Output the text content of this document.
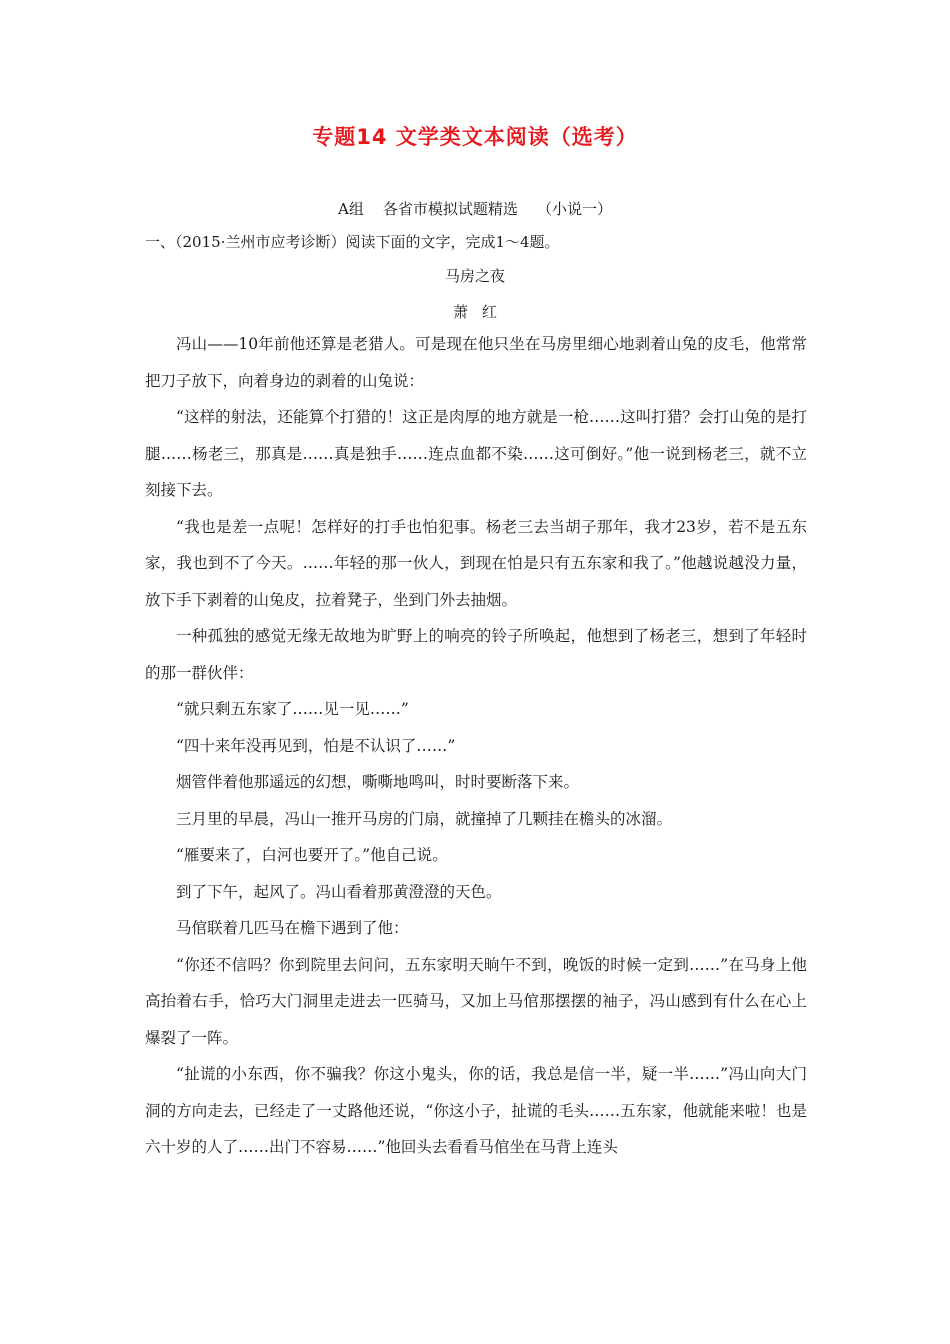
专题14 文学类文本阅读（选考）
A组    各省市模拟试题精选    （小说一）
一、（2015·兰州市应考诊断）阅读下面的文字，完成1～4题。
马房之夜
萧红

冯山——10年前他还算是老猎人。可是现在他只坐在马房里细心地剥着山兔的皮毛，他常常把刀子放下，向着身边的剥着的山兔说：

“这样的射法，还能算个打猎的！这正是肉厚的地方就是一枪……这叫打猎？会打山兔的是打腿……杨老三，那真是……真是独手……连点血都不染……这可倒好。”他一说到杨老三，就不立刻接下去。

“我也是差一点呢！怎样好的打手也怕犯事。杨老三去当胡子那年，我才23岁，若不是五东家，我也到不了今天。……年轻的那一伙人，到现在怕是只有五东家和我了。”他越说越没力量，放下手下剥着的山兔皮，拉着凳子，坐到门外去抽烟。

一种孤独的感觉无缘无故地为旷野上的响亮的铃子所唤起，他想到了杨老三，想到了年轻时的那一群伙伴：

“就只剩五东家了……见一见……”

“四十来年没再见到，怕是不认识了……”

烟管伴着他那遥远的幻想，嘶嘶地鸣叫，时时要断落下来。

三月里的早晨，冯山一推开马房的门扇，就撞掉了几颗挂在檐头的冰溜。

“雁要来了，白河也要开了。”他自己说。

到了下午，起风了。冯山看着那黄澄澄的天色。

马倌联着几匹马在檐下遇到了他：

“你还不信吗？你到院里去问问，五东家明天晌午不到，晚饭的时候一定到……”在马身上他高抬着右手，恰巧大门洞里走进去一匹骑马，又加上马倌那摆摆的袖子，冯山感到有什么在心上爆裂了一阵。

“扯谎的小东西，你不骗我？你这小鬼头，你的话，我总是信一半，疑一半……”冯山向大门洞的方向走去，已经走了一丈路他还说，“你这小子，扯谎的毛头……五东家，他就能来啦！也是六十岁的人了……出门不容易……”他回头去看看马倌坐在马背上连头
